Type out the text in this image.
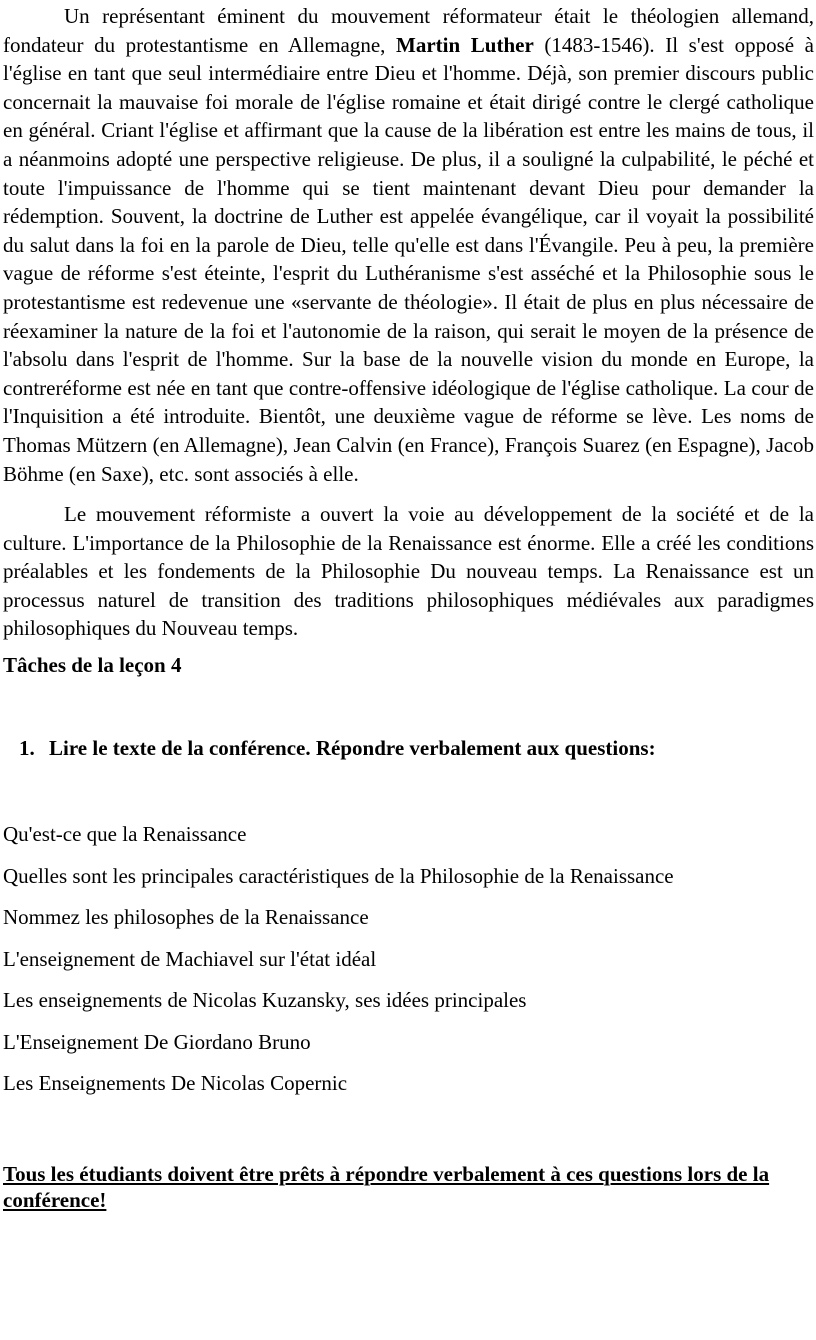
Un représentant éminent du mouvement réformateur était le théologien allemand, fondateur du protestantisme en Allemagne, Martin Luther (1483-1546). Il s'est opposé à l'église en tant que seul intermédiaire entre Dieu et l'homme. Déjà, son premier discours public concernait la mauvaise foi morale de l'église romaine et était dirigé contre le clergé catholique en général. Criant l'église et affirmant que la cause de la libération est entre les mains de tous, il a néanmoins adopté une perspective religieuse. De plus, il a souligné la culpabilité, le péché et toute l'impuissance de l'homme qui se tient maintenant devant Dieu pour demander la rédemption. Souvent, la doctrine de Luther est appelée évangélique, car il voyait la possibilité du salut dans la foi en la parole de Dieu, telle qu'elle est dans l'Évangile. Peu à peu, la première vague de réforme s'est éteinte, l'esprit du Luthéranisme s'est asséché et la Philosophie sous le protestantisme est redevenue une «servante de théologie». Il était de plus en plus nécessaire de réexaminer la nature de la foi et l'autonomie de la raison, qui serait le moyen de la présence de l'absolu dans l'esprit de l'homme. Sur la base de la nouvelle vision du monde en Europe, la contreréforme est née en tant que contre-offensive idéologique de l'église catholique. La cour de l'Inquisition a été introduite. Bientôt, une deuxième vague de réforme se lève. Les noms de Thomas Mützern (en Allemagne), Jean Calvin (en France), François Suarez (en Espagne), Jacob Böhme (en Saxe), etc. sont associés à elle.

Le mouvement réformiste a ouvert la voie au développement de la société et de la culture. L'importance de la Philosophie de la Renaissance est énorme. Elle a créé les conditions préalables et les fondements de la Philosophie Du nouveau temps. La Renaissance est un processus naturel de transition des traditions philosophiques médiévales aux paradigmes philosophiques du Nouveau temps.

Tâches de la leçon 4
1. Lire le texte de la conférence. Répondre verbalement aux questions:
Qu'est-ce que la Renaissance
Quelles sont les principales caractéristiques de la Philosophie de la Renaissance
Nommez les philosophes de la Renaissance
L'enseignement de Machiavel sur l'état idéal
Les enseignements de Nicolas Kuzansky, ses idées principales
L'Enseignement De Giordano Bruno
Les Enseignements De Nicolas Copernic
Tous les étudiants doivent être prêts à répondre verbalement à ces questions lors de la conférence!
